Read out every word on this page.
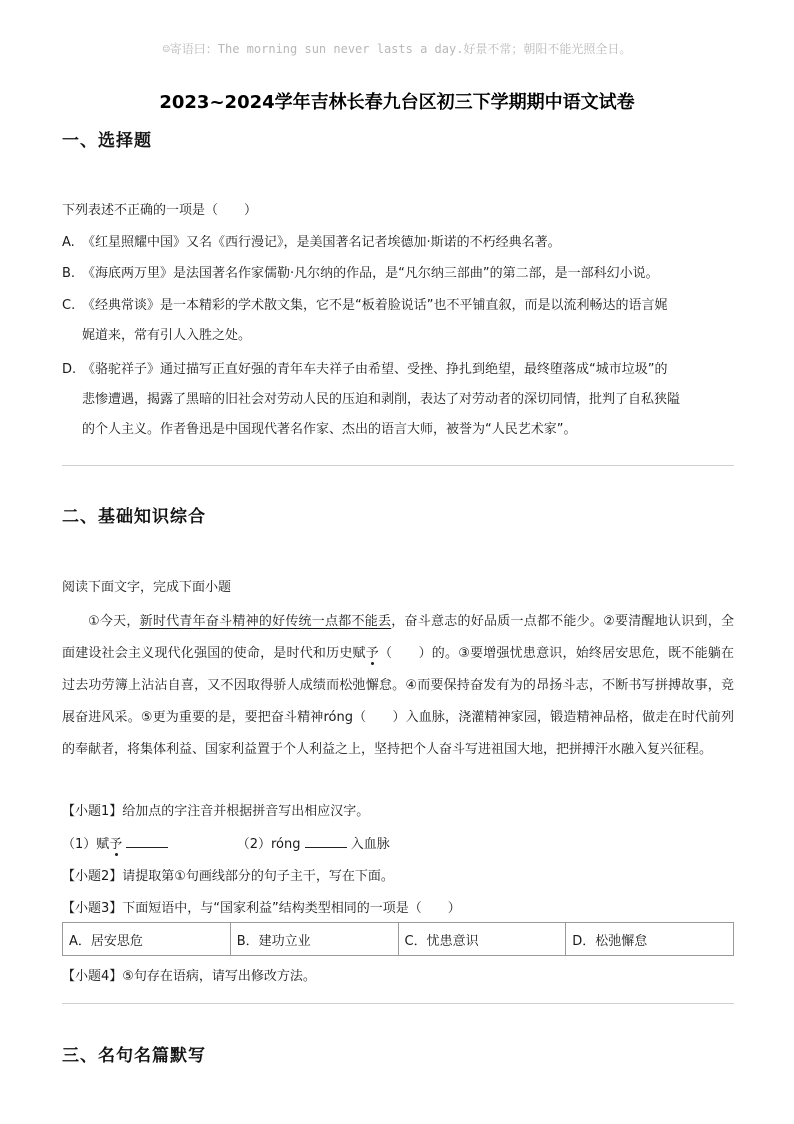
☺寄语曰：The morning sun never lasts a day.好景不常；朝阳不能光照全日。
2023~2024学年吉林长春九台区初三下学期期中语文试卷
一、选择题
下列表述不正确的一项是（　　）
A. 《红星照耀中国》又名《西行漫记》，是美国著名记者埃德加·斯诺的不朽经典名著。
B. 《海底两万里》是法国著名作家儒勒·凡尔纳的作品，是“凡尔纳三部曲”的第二部，是一部科幻小说。
C. 《经典常谈》是一本精彩的学术散文集，它不是“板着脸说话”也不平铺直叙，而是以流利畅达的语言娓
娓道来，常有引人入胜之处。
D. 《骆驼祥子》通过描写正直好强的青年车夫祥子由希望、受挫、挣扎到绝望，最终堕落成“城市垃圾”的
悲惨遭遇，揭露了黑暗的旧社会对劳动人民的压迫和剥削，表达了对劳动者的深切同情，批判了自私狭隘
的个人主义。作者鲁迅是中国现代著名作家、杰出的语言大师，被誉为“人民艺术家”。
二、基础知识综合
阅读下面文字，完成下面小题
①今天，新时代青年奋斗精神的好传统一点都不能丢，奋斗意志的好品质一点都不能少。②要清醒地认识到，全面建设社会主义现代化强国的使命，是时代和历史赋予（　　）的。③要增强忧患意识，始终居安思危，既不能躺在过去功劳簿上沾沾自喜，又不因取得骄人成绩而松弛懈怠。④而要保持奋发有为的昂扬斗志，不断书写拼搏故事，竞展奋进风采。⑤更为重要的是，要把奋斗精神róng（　　）入血脉，浇灌精神家园，锻造精神品格，做走在时代前列的奉献者，将集体利益、国家利益置于个人利益之上，坚持把个人奋斗写进祖国大地，把拼搏汗水融入复兴征程。
【小题1】给加点的字注音并根据拼音写出相应汉字。
（1）赋予	（2）róng	入血脉
【小题2】请提取第①句画线部分的句子主干，写在下面。
【小题3】下面短语中，与“国家利益”结构类型相同的一项是（　　）
A．居安思危	B．建功立业	C．忧患意识	D．松弛懈怠
【小题4】⑤句存在语病，请写出修改方法。
三、名句名篇默写
